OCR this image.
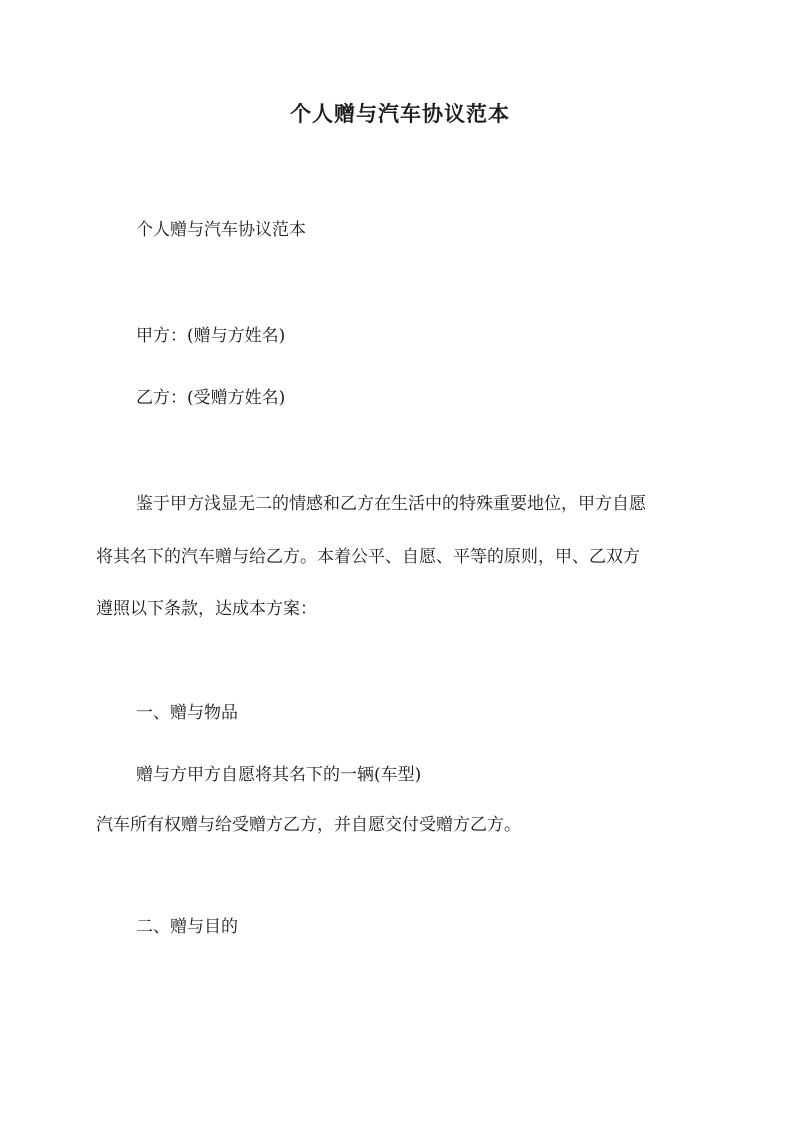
个人赠与汽车协议范本
个人赠与汽车协议范本
甲方：(赠与方姓名)
乙方：(受赠方姓名)
鉴于甲方浅显无二的情感和乙方在生活中的特殊重要地位，甲方自愿
将其名下的汽车赠与给乙方。本着公平、自愿、平等的原则，甲、乙双方
遵照以下条款，达成本方案：
一、赠与物品
赠与方甲方自愿将其名下的一辆(车型)
汽车所有权赠与给受赠方乙方，并自愿交付受赠方乙方。
二、赠与目的
